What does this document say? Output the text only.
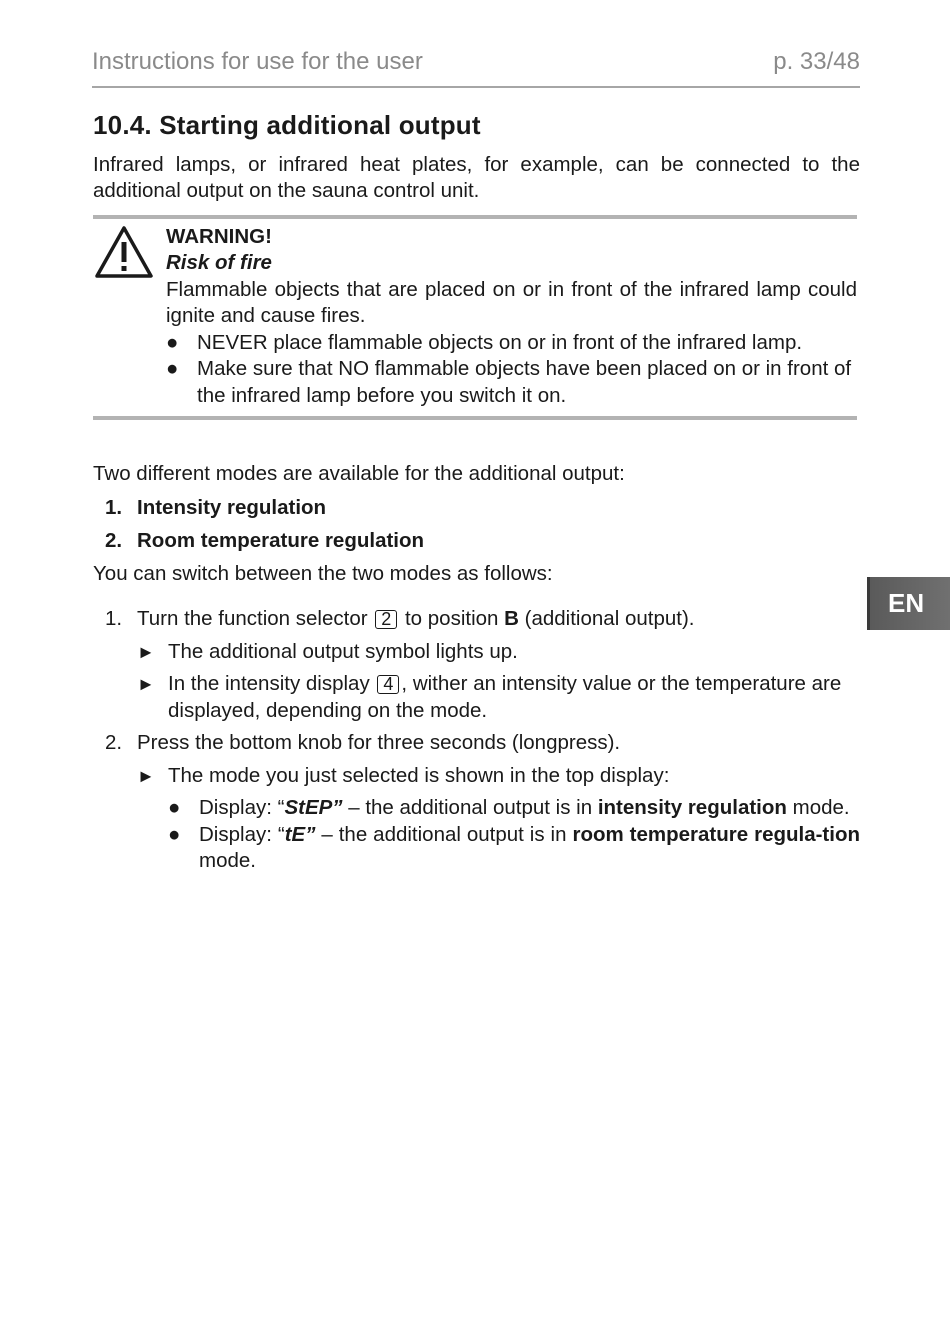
Instructions for use for the user	p. 33/48
10.4. Starting additional output

Infrared lamps, or infrared heat plates, for example, can be connected to the additional output on the sauna control unit.

WARNING!
Risk of fire

Flammable objects that are placed on or in front of the infrared lamp could ignite and cause fires.

● NEVER place flammable objects on or in front of the infrared lamp.
● Make sure that NO flammable objects have been placed on or in front of the infrared lamp before you switch it on.

Two different modes are available for the additional output:

1. Intensity regulation
2. Room temperature regulation

You can switch between the two modes as follows:

1. Turn the function selector 2 to position B (additional output).
► The additional output symbol lights up.
► In the intensity display 4 , wither an intensity value or the temperature are displayed, depending on the mode.
2. Press the bottom knob for three seconds (longpress).
► The mode you just selected is shown in the top display:
● Display: “StEP” – the additional output is in intensity regulation mode.
● Display: “tE” – the additional output is in room temperature regula-tion mode.
EN
